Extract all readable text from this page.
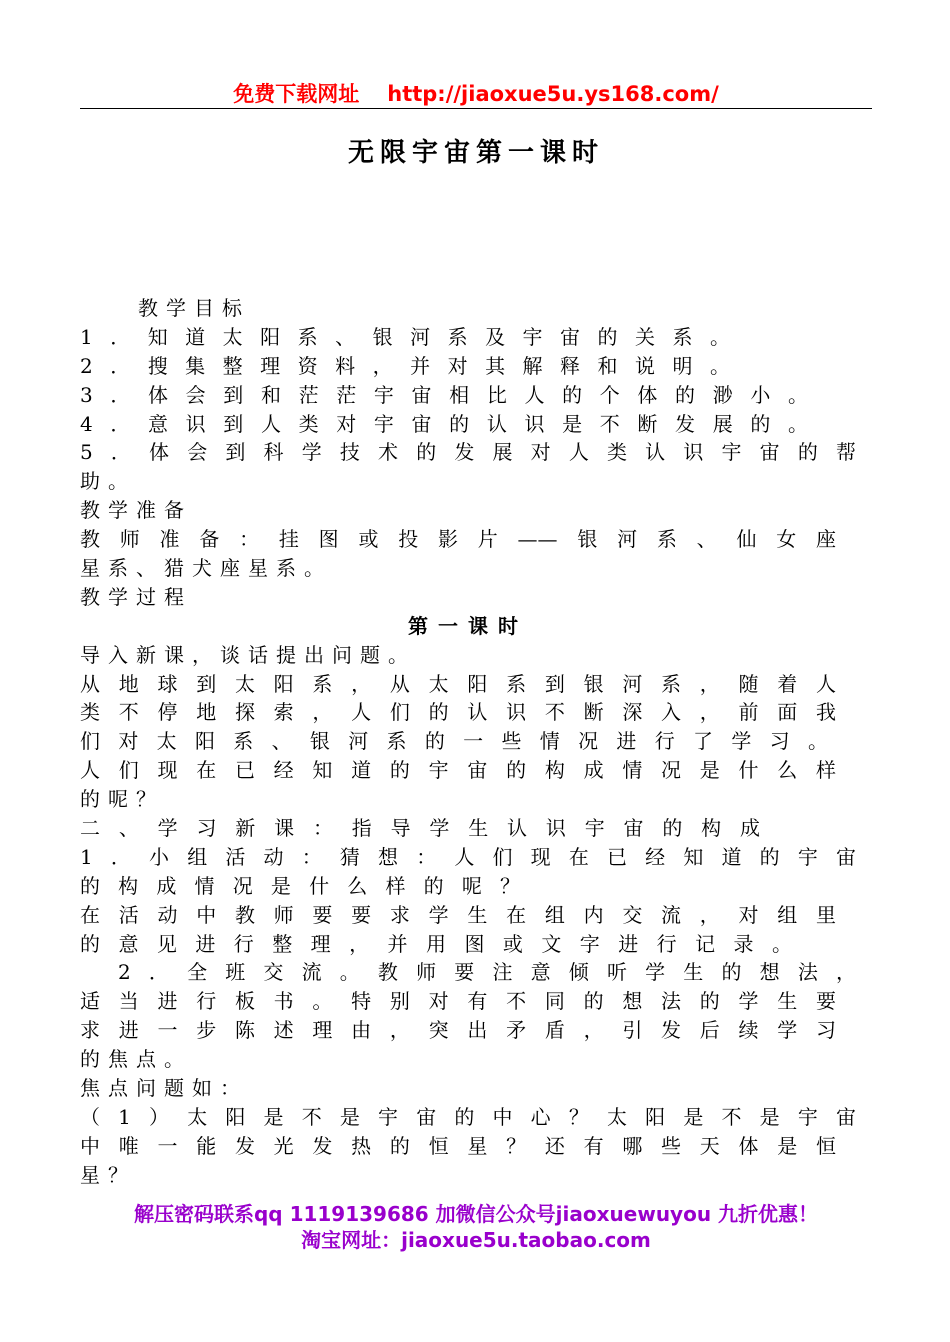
免费下载网址 http://jiaoxue5u.ys168.com/
无限宇宙第一课时
教学目标
1​．​知​道​太​阳​系​、​银​河​系​及​宇​宙​的​关​系​。
2​．​搜​集​整​理​资​料​，​并​对​其​解​释​和​说​明​。
3​．​体​会​到​和​茫​茫​宇​宙​相​比​人​的​个​体​的​渺​小​。
4​．​意​识​到​人​类​对​宇​宙​的​认​识​是​不​断​发​展​的​。
5​．​体​会​到​科​学​技​术​的​发​展​对​人​类​认​识​宇​宙​的​帮
助。
教学准备
教​师​准​备​：​挂​图​或​投​影​片​—​—​银​河​系​、​仙​女​座
星系、猎犬座星系。
教学过程
第一课时
导入新课，谈话提出问题。
从​地​球​到​太​阳​系​，​从​太​阳​系​到​银​河​系​，​随​着​人
类​不​停​地​探​索​，​人​们​的​认​识​不​断​深​入​，​前​面​我
们​对​太​阳​系​、​银​河​系​的​一​些​情​况​进​行​了​学​习​。
人​们​现​在​已​经​知​道​的​宇​宙​的​构​成​情​况​是​什​么​样
的呢？
二​、​学​习​新​课​：​指​导​学​生​认​识​宇​宙​的​构​成
1​．​小​组​活​动​：​猜​想​：​人​们​现​在​已​经​知​道​的​宇​宙
的​构​成​情​况​是​什​么​样​的​呢​？
在​活​动​中​教​师​要​要​求​学​生​在​组​内​交​流​，​对​组​里
的​意​见​进​行​整​理​，​并​用​图​或​文​字​进​行​记​录​。
2​．​全​班​交​流​。​教​师​要​注​意​倾​听​学​生​的​想​法​，
适​当​进​行​板​书​。​特​别​对​有​不​同​的​想​法​的​学​生​要
求​进​一​步​陈​述​理​由​，​突​出​矛​盾​，​引​发​后​续​学​习
的焦点。
焦点问题如：
（​1​）​太​阳​是​不​是​宇​宙​的​中​心​？​太​阳​是​不​是​宇​宙
中​唯​一​能​发​光​发​热​的​恒​星​？​还​有​哪​些​天​体​是​恒
星？
解压密码联系qq 1119139686 加微信公众号jiaoxuewuyou 九折优惠！
淘宝网址：jiaoxue5u.taobao.com
